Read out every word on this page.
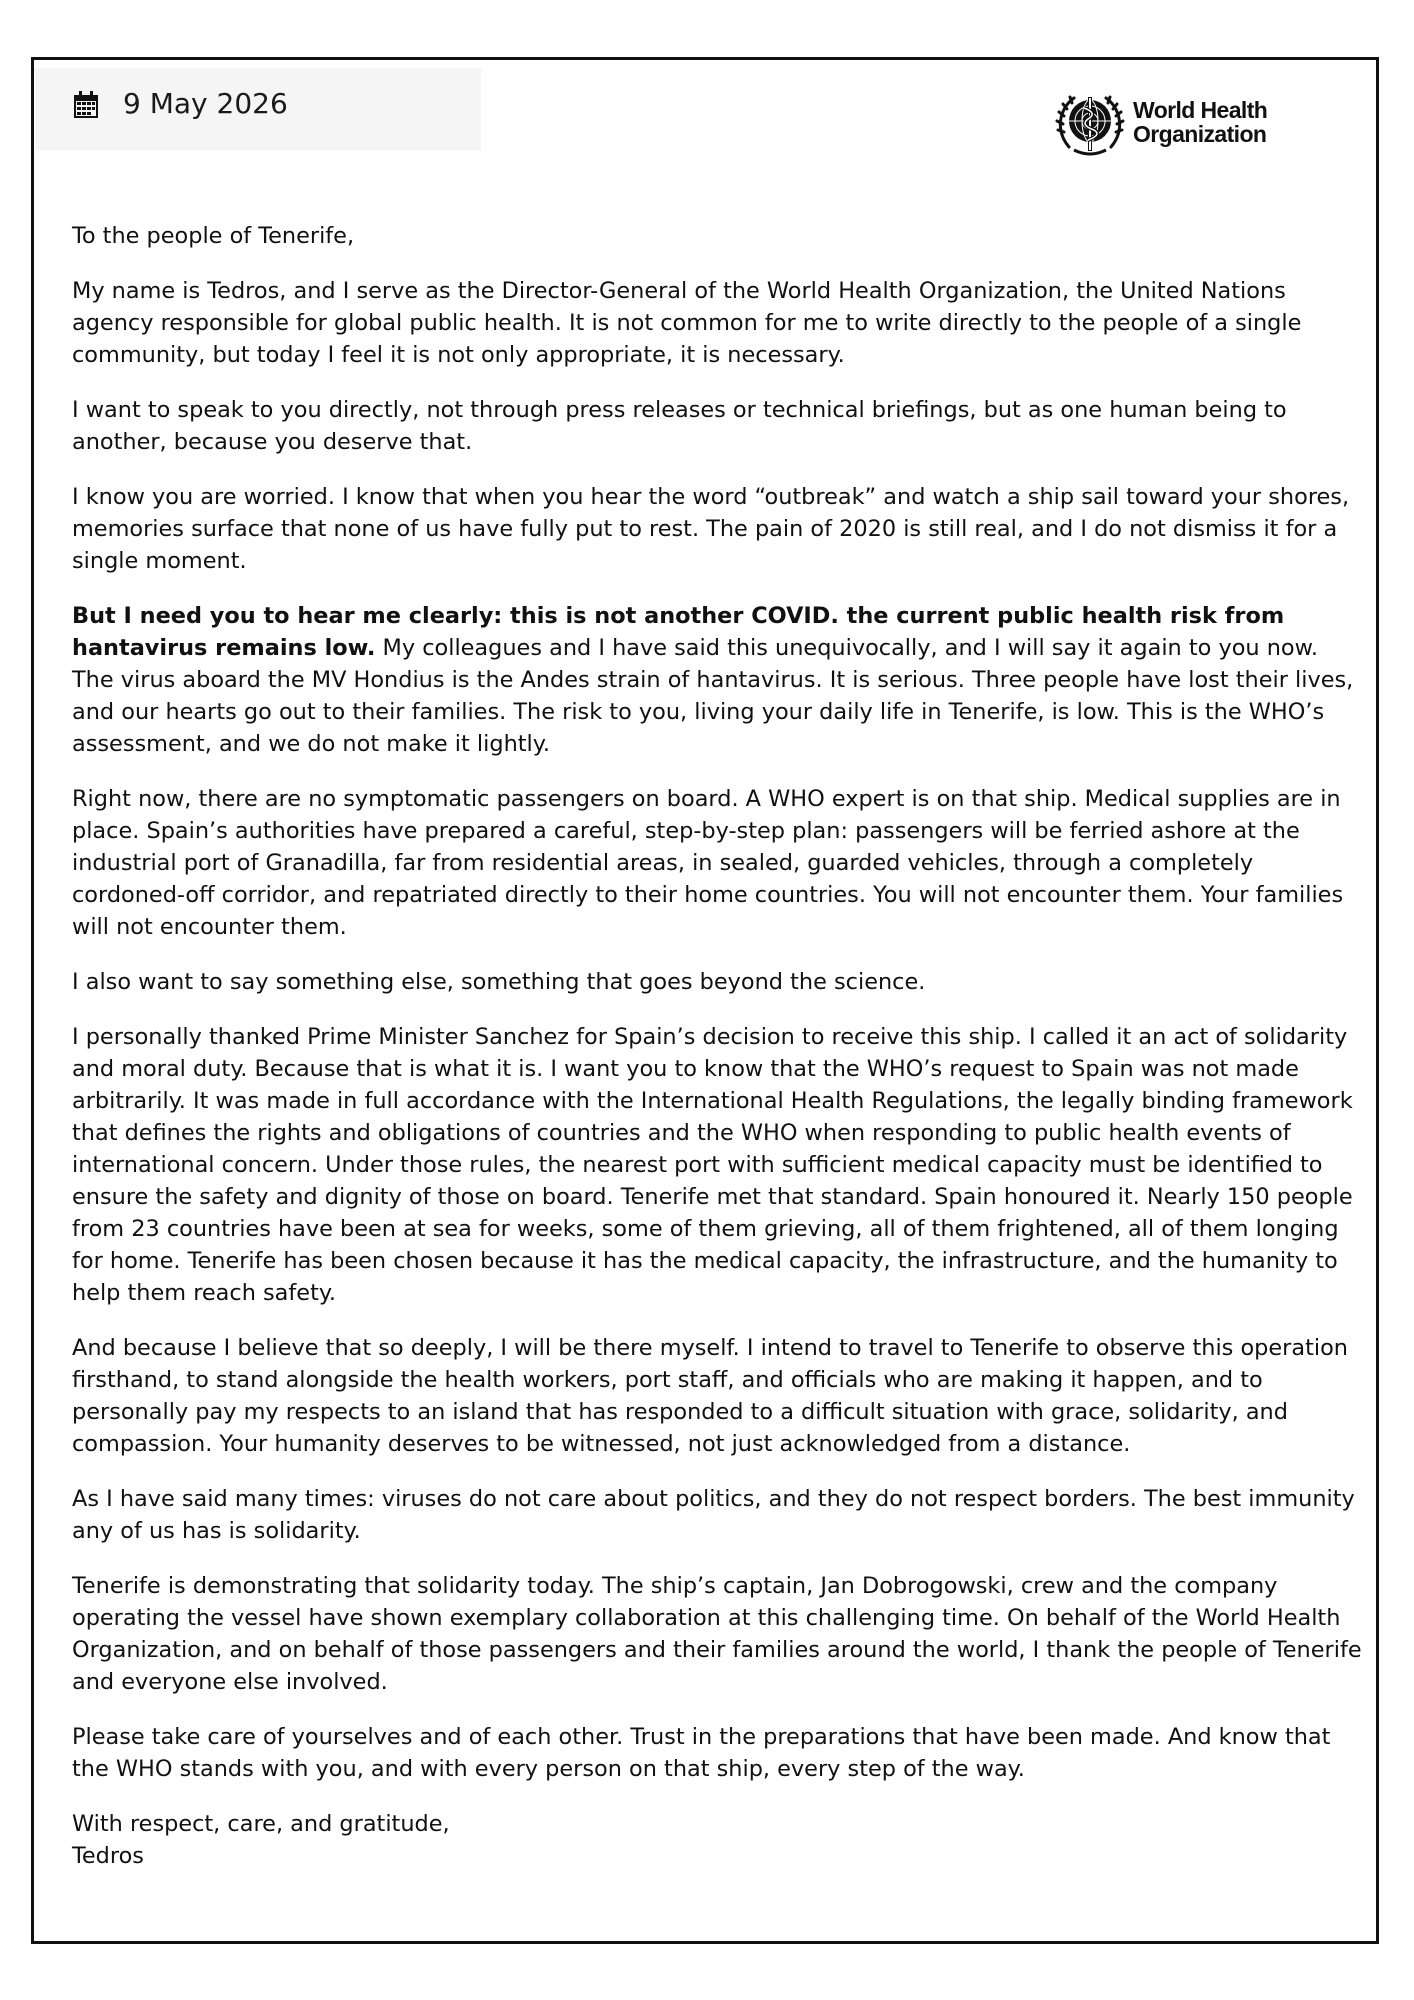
9 May 2026	World Health
Organization

To the people of Tenerife,

My name is Tedros, and I serve as the Director-General of the World Health Organization, the United Nations agency responsible for global public health. It is not common for me to write directly to the people of a single community, but today I feel it is not only appropriate, it is necessary.

I want to speak to you directly, not through press releases or technical briefings, but as one human being to another, because you deserve that.

I know you are worried. I know that when you hear the word “outbreak” and watch a ship sail toward your shores, memories surface that none of us have fully put to rest. The pain of 2020 is still real, and I do not dismiss it for a single moment.

But I need you to hear me clearly: this is not another COVID. the current public health risk from hantavirus remains low. My colleagues and I have said this unequivocally, and I will say it again to you now. The virus aboard the MV Hondius is the Andes strain of hantavirus. It is serious. Three people have lost their lives, and our hearts go out to their families. The risk to you, living your daily life in Tenerife, is low. This is the WHO’s assessment, and we do not make it lightly.

Right now, there are no symptomatic passengers on board. A WHO expert is on that ship. Medical supplies are in place. Spain’s authorities have prepared a careful, step-by-step plan: passengers will be ferried ashore at the industrial port of Granadilla, far from residential areas, in sealed, guarded vehicles, through a completely cordoned-off corridor, and repatriated directly to their home countries. You will not encounter them. Your families will not encounter them.

I also want to say something else, something that goes beyond the science.

I personally thanked Prime Minister Sanchez for Spain’s decision to receive this ship. I called it an act of solidarity and moral duty. Because that is what it is. I want you to know that the WHO’s request to Spain was not made arbitrarily. It was made in full accordance with the International Health Regulations, the legally binding framework that defines the rights and obligations of countries and the WHO when responding to public health events of international concern. Under those rules, the nearest port with sufficient medical capacity must be identified to ensure the safety and dignity of those on board. Tenerife met that standard. Spain honoured it. Nearly 150 people from 23 countries have been at sea for weeks, some of them grieving, all of them frightened, all of them longing for home. Tenerife has been chosen because it has the medical capacity, the infrastructure, and the humanity to help them reach safety.

And because I believe that so deeply, I will be there myself. I intend to travel to Tenerife to observe this operation firsthand, to stand alongside the health workers, port staff, and officials who are making it happen, and to personally pay my respects to an island that has responded to a difficult situation with grace, solidarity, and compassion. Your humanity deserves to be witnessed, not just acknowledged from a distance.

As I have said many times: viruses do not care about politics, and they do not respect borders. The best immunity any of us has is solidarity.

Tenerife is demonstrating that solidarity today. The ship’s captain, Jan Dobrogowski, crew and the company operating the vessel have shown exemplary collaboration at this challenging time. On behalf of the World Health Organization, and on behalf of those passengers and their families around the world, I thank the people of Tenerife and everyone else involved.

Please take care of yourselves and of each other. Trust in the preparations that have been made. And know that the WHO stands with you, and with every person on that ship, every step of the way.

With respect, care, and gratitude,
Tedros
